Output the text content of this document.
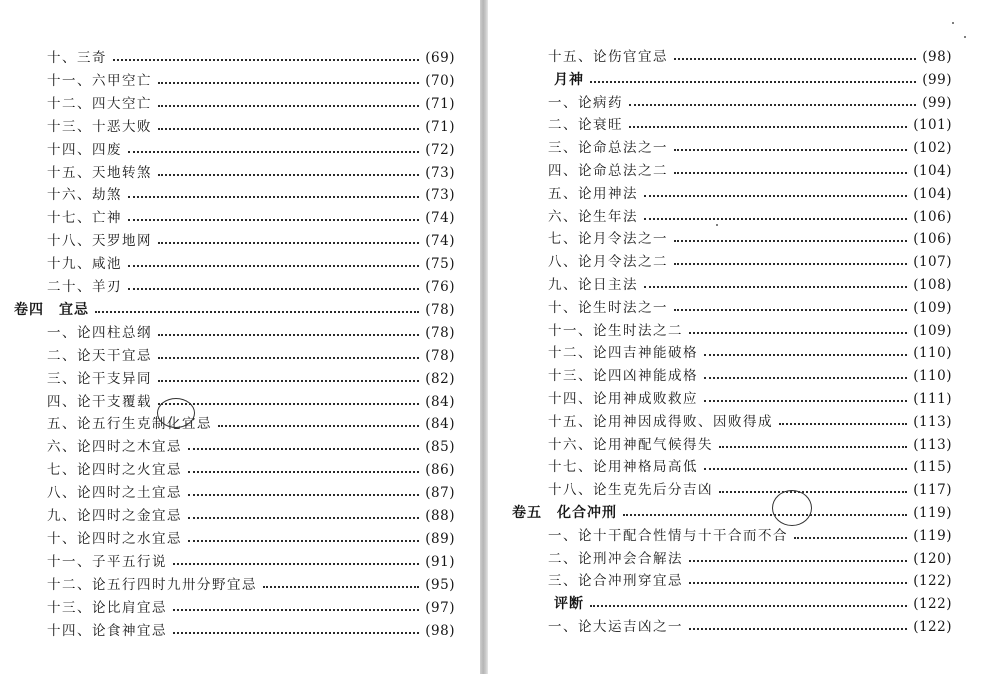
十、三奇	(69)
十一、六甲空亡	(70)
十二、四大空亡	(71)
十三、十恶大败	(71)
十四、四废	(72)
十五、天地转煞	(73)
十六、劫煞	(73)
十七、亡神	(74)
十八、天罗地网	(74)
十九、咸池	(75)
二十、羊刃	(76)
卷四　宜忌	(78)
一、论四柱总纲	(78)
二、论天干宜忌	(78)
三、论干支异同	(82)
四、论干支覆载	(84)
五、论五行生克制化宜忌	(84)
六、论四时之木宜忌	(85)
七、论四时之火宜忌	(86)
八、论四时之土宜忌	(87)
九、论四时之金宜忌	(88)
十、论四时之水宜忌	(89)
十一、子平五行说	(91)
十二、论五行四时九卅分野宜忌	(95)
十三、论比肩宜忌	(97)
十四、论食神宜忌	(98)
十五、论伤官宜忌	(98)
月神	(99)
一、论病药	(99)
二、论衰旺	(101)
三、论命总法之一	(102)
四、论命总法之二	(104)
五、论用神法	(104)
六、论生年法	(106)
七、论月令法之一	(106)
八、论月令法之二	(107)
九、论日主法	(108)
十、论生时法之一	(109)
十一、论生时法之二	(109)
十二、论四吉神能破格	(110)
十三、论四凶神能成格	(110)
十四、论用神成败救应	(111)
十五、论用神因成得败、因败得成	(113)
十六、论用神配气候得失	(113)
十七、论用神格局高低	(115)
十八、论生克先后分吉凶	(117)
卷五　化合冲刑	(119)
一、论十干配合性情与十干合而不合	(119)
二、论刑冲会合解法	(120)
三、论合冲刑穿宜忌	(122)
评断	(122)
一、论大运吉凶之一	(122)
